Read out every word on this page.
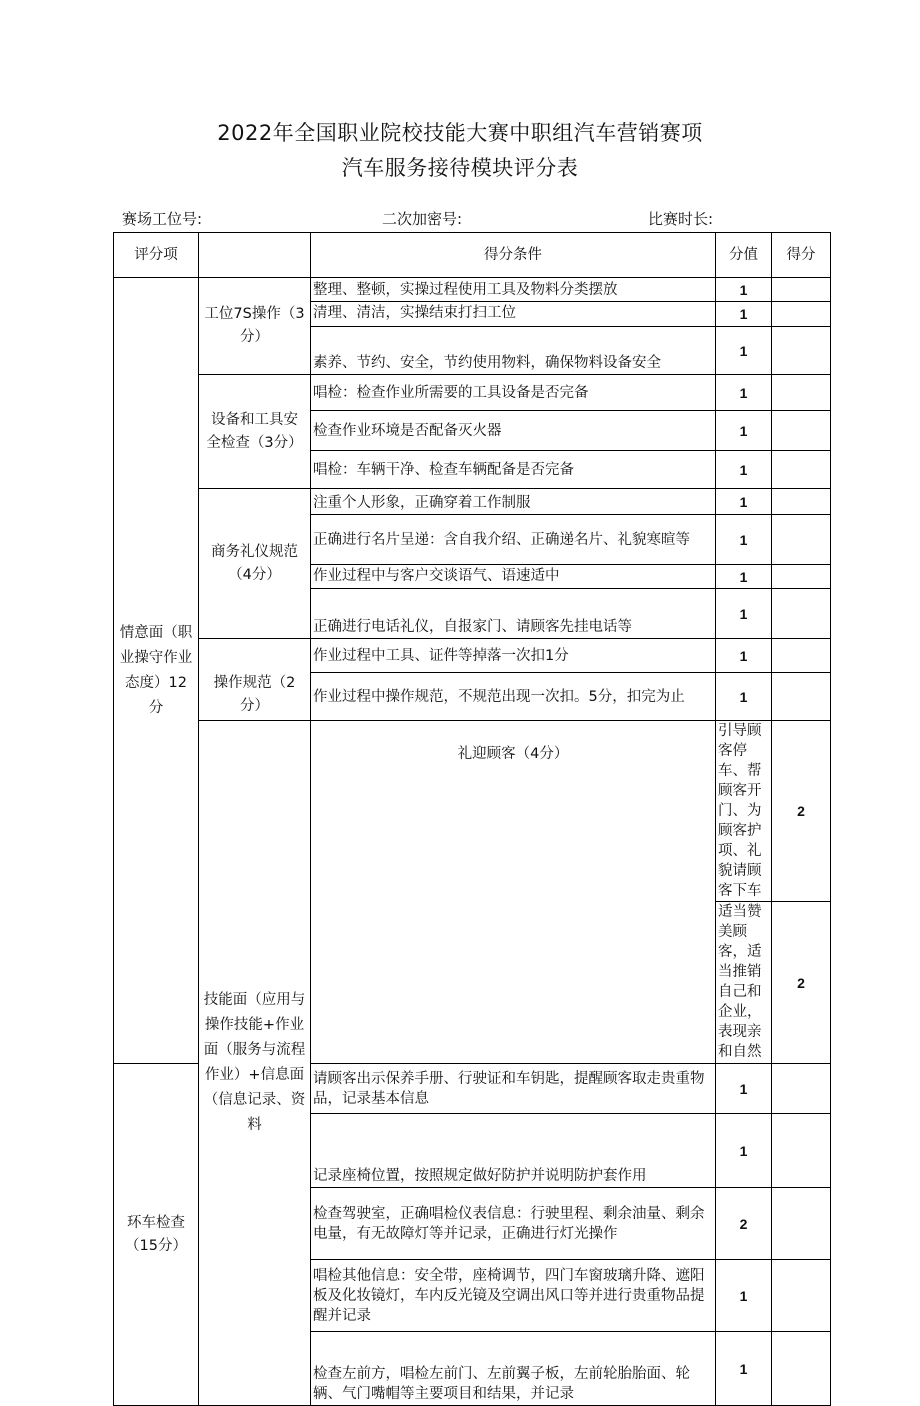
2022年全国职业院校技能大赛中职组汽车营销赛项
汽车服务接待模块评分表
赛场工位号:	二次加密号:	比赛时长:
评分项		得分条件	分值	得分	
情意面（职业操守作业态度）12分	工位7S操作（3分）	整理、整顿，实操过程使用工具及物料分类摆放	1		
		清理、清洁，实操结束打扫工位	1		
		素养、节约、安全，节约使用物料，确保物料设备安全	1		
	设备和工具安全检查（3分）	唱检：检查作业所需要的工具设备是否完备	1		
		检查作业环境是否配备灭火器	1		
		唱检：车辆干净、检查车辆配备是否完备	1		
	商务礼仪规范（4分）	注重个人形象，正确穿着工作制服	1		
		正确进行名片呈递：含自我介绍、正确递名片、礼貌寒暄等	1		
		作业过程中与客户交谈语气、语速适中	1		
		正确进行电话礼仪，自报家门、请顾客先挂电话等	1		
	操作规范（2分）	作业过程中工具、证件等掉落一次扣1分	1		
		作业过程中操作规范，不规范出现一次扣。5分，扣完为止	1		
	技能面（应用与操作技能+作业面（服务与流程作业）+信息面（信息记录、资料	礼迎顾客（4分）	引导顾客停车、帮顾客开门、为顾客护项、礼貌请顾客下车	2	
			适当赞美顾客，适当推销自己和企业，表现亲和自然	2	
环车检查（15分）		请顾客出示保养手册、行驶证和车钥匙，提醒顾客取走贵重物品，记录基本信息	1		
		记录座椅位置，按照规定做好防护并说明防护套作用	1		
		检查驾驶室，正确唱检仪表信息：行驶里程、剩余油量、剩余电量，有无故障灯等并记录，正确进行灯光操作	2		
		唱检其他信息：安全带，座椅调节，四门车窗玻璃升降、遮阳板及化妆镜灯，车内反光镜及空调出风口等并进行贵重物品提醒并记录	1		
		检查左前方，唱检左前门、左前翼子板，左前轮胎胎面、轮辆、气门嘴帽等主要项目和结果，并记录	1		
